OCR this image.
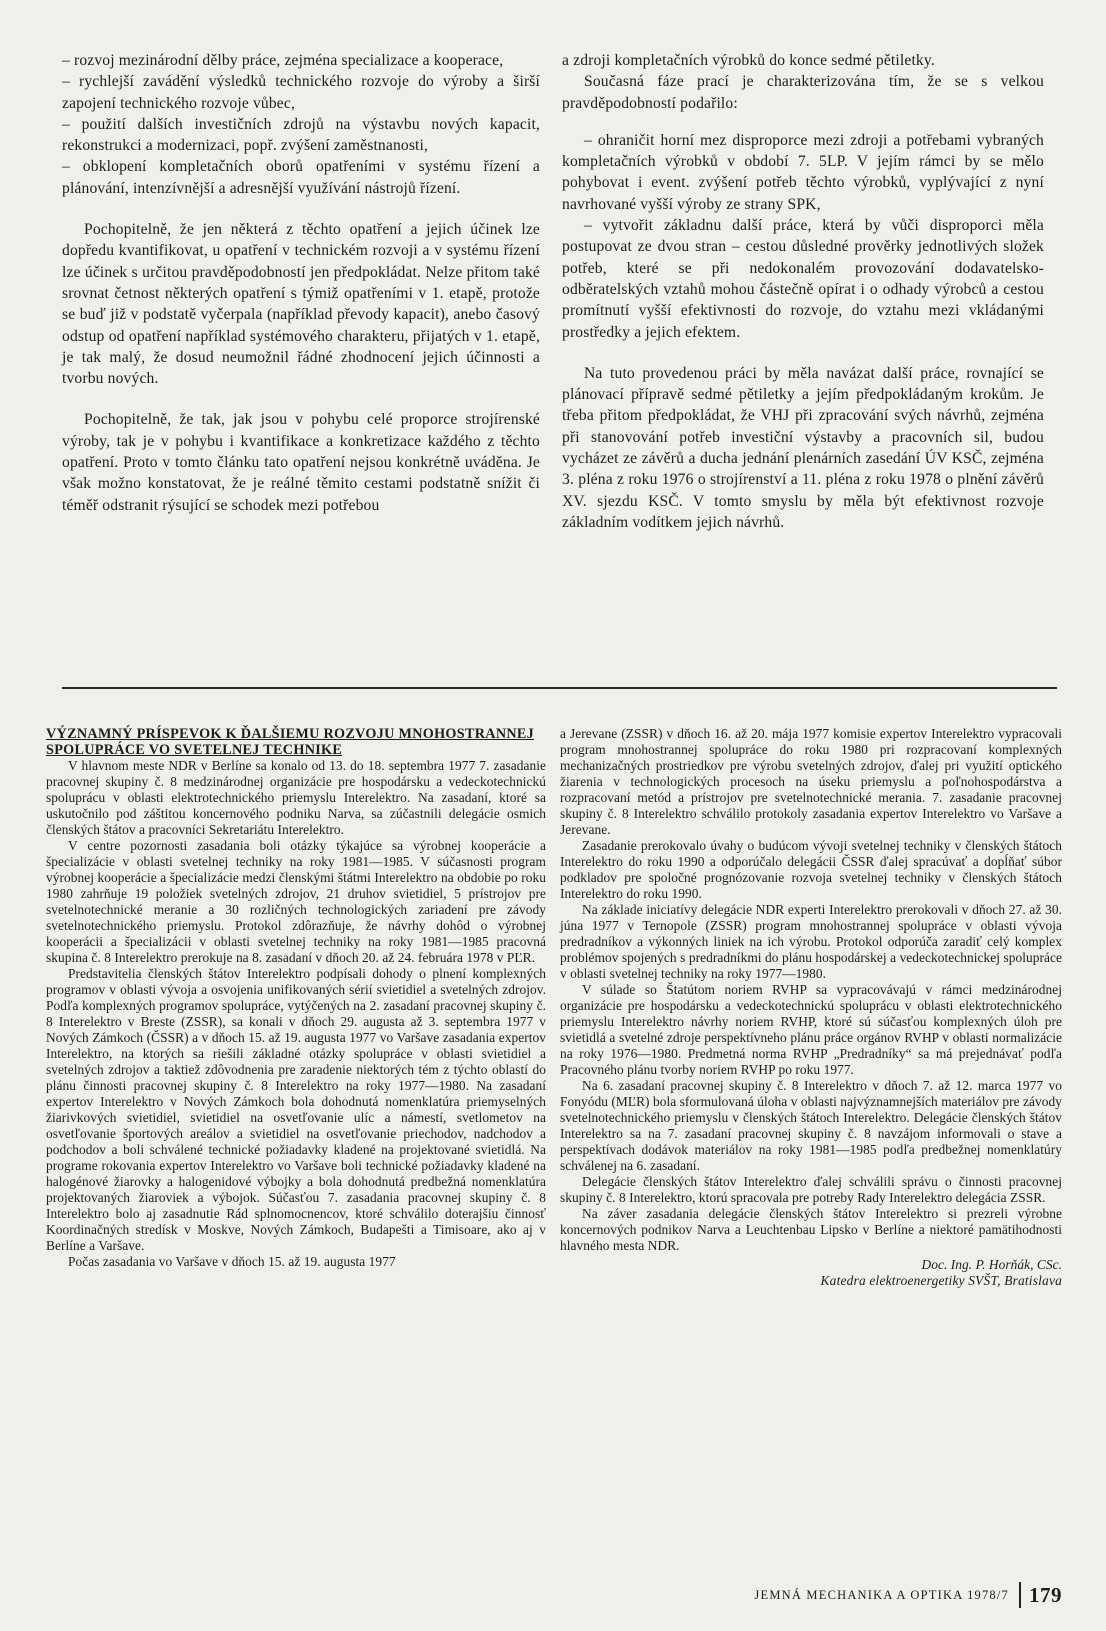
– rozvoj mezinárodní dělby práce, zejména specializace a kooperace,

– rychlejší zavádění výsledků technického rozvoje do výroby a širší zapojení technického rozvoje vůbec,

– použití dalších investičních zdrojů na výstavbu nových kapacit, rekonstrukci a modernizaci, popř. zvýšení zaměstnanosti,

– obklopení kompletačních oborů opatřeními v systému řízení a plánování, intenzívnější a adresnější využívání nástrojů řízení.

Pochopitelně, že jen některá z těchto opatření a jejich účinek lze dopředu kvantifikovat, u opatření v technickém rozvoji a v systému řízení lze účinek s určitou pravděpodobností jen předpokládat. Nelze přitom také srovnat četnost některých opatření s týmiž opatřeními v 1. etapě, protože se buď již v podstatě vyčerpala (například převody kapacit), anebo časový odstup od opatření například systémového charakteru, přijatých v 1. etapě, je tak malý, že dosud neumožnil řádné zhodnocení jejich účinnosti a tvorbu nových.

Pochopitelně, že tak, jak jsou v pohybu celé proporce strojírenské výroby, tak je v pohybu i kvantifikace a konkretizace každého z těchto opatření. Proto v tomto článku tato opatření nejsou konkrétně uváděna. Je však možno konstatovat, že je reálné těmito cestami podstatně snížit či téměř odstranit rýsující se schodek mezi potřebou

a zdroji kompletačních výrobků do konce sedmé pětiletky.

Současná fáze prací je charakterizována tím, že se s velkou pravděpodobností podařilo:

– ohraničit horní mez disproporce mezi zdroji a potřebami vybraných kompletačních výrobků v období 7. 5LP. V jejím rámci by se mělo pohybovat i event. zvýšení potřeb těchto výrobků, vyplývající z nyní navrhované vyšší výroby ze strany SPK,

– vytvořit základnu další práce, která by vůči disproporci měla postupovat ze dvou stran – cestou důsledné prověrky jednotlivých složek potřeb, které se při nedokonalém provozování dodavatelsko-odběratelských vztahů mohou částečně opírat i o odhady výrobců a cestou promítnutí vyšší efektivnosti do rozvoje, do vztahu mezi vkládanými prostředky a jejich efektem.

Na tuto provedenou práci by měla navázat další práce, rovnající se plánovací přípravě sedmé pětiletky a jejím předpokládaným krokům. Je třeba přitom předpokládat, že VHJ při zpracování svých návrhů, zejména při stanovování potřeb investiční výstavby a pracovních sil, budou vycházet ze závěrů a ducha jednání plenárních zasedání ÚV KSČ, zejména 3. pléna z roku 1976 o strojírenství a 11. pléna z roku 1978 o plnění závěrů XV. sjezdu KSČ. V tomto smyslu by měla být efektivnost rozvoje základním vodítkem jejich návrhů.

VÝZNAMNÝ PRÍSPEVOK K ĎALŠIEMU ROZVOJU MNOHOSTRANNEJ SPOLUPRÁCE VO SVETELNEJ TECHNIKE

V hlavnom meste NDR v Berlíne sa konalo od 13. do 18. septembra 1977 7. zasadanie pracovnej skupiny č. 8 medzinárodnej organizácie pre hospodársku a vedeckotechnickú spoluprácu v oblasti elektrotechnického priemyslu Interelektro. Na zasadaní, ktoré sa uskutočnilo pod záštitou koncernového podniku Narva, sa zúčastnili delegácie osmich členských štátov a pracovníci Sekretariátu Interelektro.

V centre pozornosti zasadania boli otázky týkajúce sa výrobnej kooperácie a špecializácie v oblasti svetelnej techniky na roky 1981—1985. V súčasnosti program výrobnej kooperácie a špecializácie medzi členskými štátmi Interelektro na obdobie po roku 1980 zahrňuje 19 položiek svetelných zdrojov, 21 druhov svietidiel, 5 prístrojov pre svetelnotechnické meranie a 30 rozličných technologických zariadení pre závody svetelnotechnického priemyslu. Protokol zdôrazňuje, že návrhy dohôd o výrobnej kooperácii a špecializácii v oblasti svetelnej techniky na roky 1981—1985 pracovná skupina č. 8 Interelektro prerokuje na 8. zasadaní v dňoch 20. až 24. februára 1978 v PĽR.

Predstavitelia členských štátov Interelektro podpísali dohody o plnení komplexných programov v oblasti vývoja a osvojenia unifikovaných sérií svietidiel a svetelných zdrojov. Podľa komplexných programov spolupráce, vytýčených na 2. zasadaní pracovnej skupiny č. 8 Interelektro v Breste (ZSSR), sa konali v dňoch 29. augusta až 3. septembra 1977 v Nových Zámkoch (ČSSR) a v dňoch 15. až 19. augusta 1977 vo Varšave zasadania expertov Interelektro, na ktorých sa riešili základné otázky spolupráce v oblasti svietidiel a svetelných zdrojov a taktiež zdôvodnenia pre zaradenie niektorých tém z týchto oblastí do plánu činnosti pracovnej skupiny č. 8 Interelektro na roky 1977—1980. Na zasadaní expertov Interelektro v Nových Zámkoch bola dohodnutá nomenklatúra priemyselných žiarivkových svietidiel, svietidiel na osvetľovanie ulíc a námestí, svetlometov na osvetľovanie športových areálov a svietidiel na osvetľovanie priechodov, nadchodov a podchodov a boli schválené technické požiadavky kladené na projektované svietidlá. Na programe rokovania expertov Interelektro vo Varšave boli technické požiadavky kladené na halogénové žiarovky a halogenidové výbojky a bola dohodnutá predbežná nomenklatúra projektovaných žiaroviek a výbojok. Súčasťou 7. zasadania pracovnej skupiny č. 8 Interelektro bolo aj zasadnutie Rád splnomocnencov, ktoré schválilo doterajšiu činnosť Koordinačných stredísk v Moskve, Nových Zámkoch, Budapešti a Timisoare, ako aj v Berlíne a Varšave.

Počas zasadania vo Varšave v dňoch 15. až 19. augusta 1977

a Jerevane (ZSSR) v dňoch 16. až 20. mája 1977 komisie expertov Interelektro vypracovali program mnohostrannej spolupráce do roku 1980 pri rozpracovaní komplexných mechanizačných prostriedkov pre výrobu svetelných zdrojov, ďalej pri využití optického žiarenia v technologických procesoch na úseku priemyslu a poľnohospodárstva a rozpracovaní metód a prístrojov pre svetelnotechnické merania. 7. zasadanie pracovnej skupiny č. 8 Interelektro schválilo protokoly zasadania expertov Interelektro vo Varšave a Jerevane.

Zasadanie prerokovalo úvahy o budúcom vývoji svetelnej techniky v členských štátoch Interelektro do roku 1990 a odporúčalo delegácii ČSSR ďalej spracúvať a dopĺňať súbor podkladov pre spoločné prognózovanie rozvoja svetelnej techniky v členských štátoch Interelektro do roku 1990.

Na základe iniciatívy delegácie NDR experti Interelektro prerokovali v dňoch 27. až 30. júna 1977 v Ternopole (ZSSR) program mnohostrannej spolupráce v oblasti vývoja predradníkov a výkonných liniek na ich výrobu. Protokol odporúča zaradiť celý komplex problémov spojených s predradníkmi do plánu hospodárskej a vedeckotechnickej spolupráce v oblasti svetelnej techniky na roky 1977—1980.

V súlade so Štatútom noriem RVHP sa vypracovávajú v rámci medzinárodnej organizácie pre hospodársku a vedeckotechnickú spoluprácu v oblasti elektrotechnického priemyslu Interelektro návrhy noriem RVHP, ktoré sú súčasťou komplexných úloh pre svietidlá a svetelné zdroje perspektívneho plánu práce orgánov RVHP v oblasti normalizácie na roky 1976—1980. Predmetná norma RVHP „Predradníky“ sa má prejednávať podľa Pracovného plánu tvorby noriem RVHP po roku 1977.

Na 6. zasadaní pracovnej skupiny č. 8 Interelektro v dňoch 7. až 12. marca 1977 vo Fonyódu (MĽR) bola sformulovaná úloha v oblasti najvýznamnejších materiálov pre závody svetelnotechnického priemyslu v členských štátoch Interelektro. Delegácie členských štátov Interelektro sa na 7. zasadaní pracovnej skupiny č. 8 navzájom informovali o stave a perspektívach dodávok materiálov na roky 1981—1985 podľa predbežnej nomenklatúry schválenej na 6. zasadaní.

Delegácie členských štátov Interelektro ďalej schválili správu o činnosti pracovnej skupiny č. 8 Interelektro, ktorú spracovala pre potreby Rady Interelektro delegácia ZSSR.

Na záver zasadania delegácie členských štátov Interelektro si prezreli výrobne koncernových podnikov Narva a Leuchtenbau Lipsko v Berlíne a niektoré pamätihodnosti hlavného mesta NDR.

Doc. Ing. P. Horňák, CSc.
Katedra elektroenergetiky SVŠT, Bratislava
JEMNÁ MECHANIKA A OPTIKA 1978/7 179
